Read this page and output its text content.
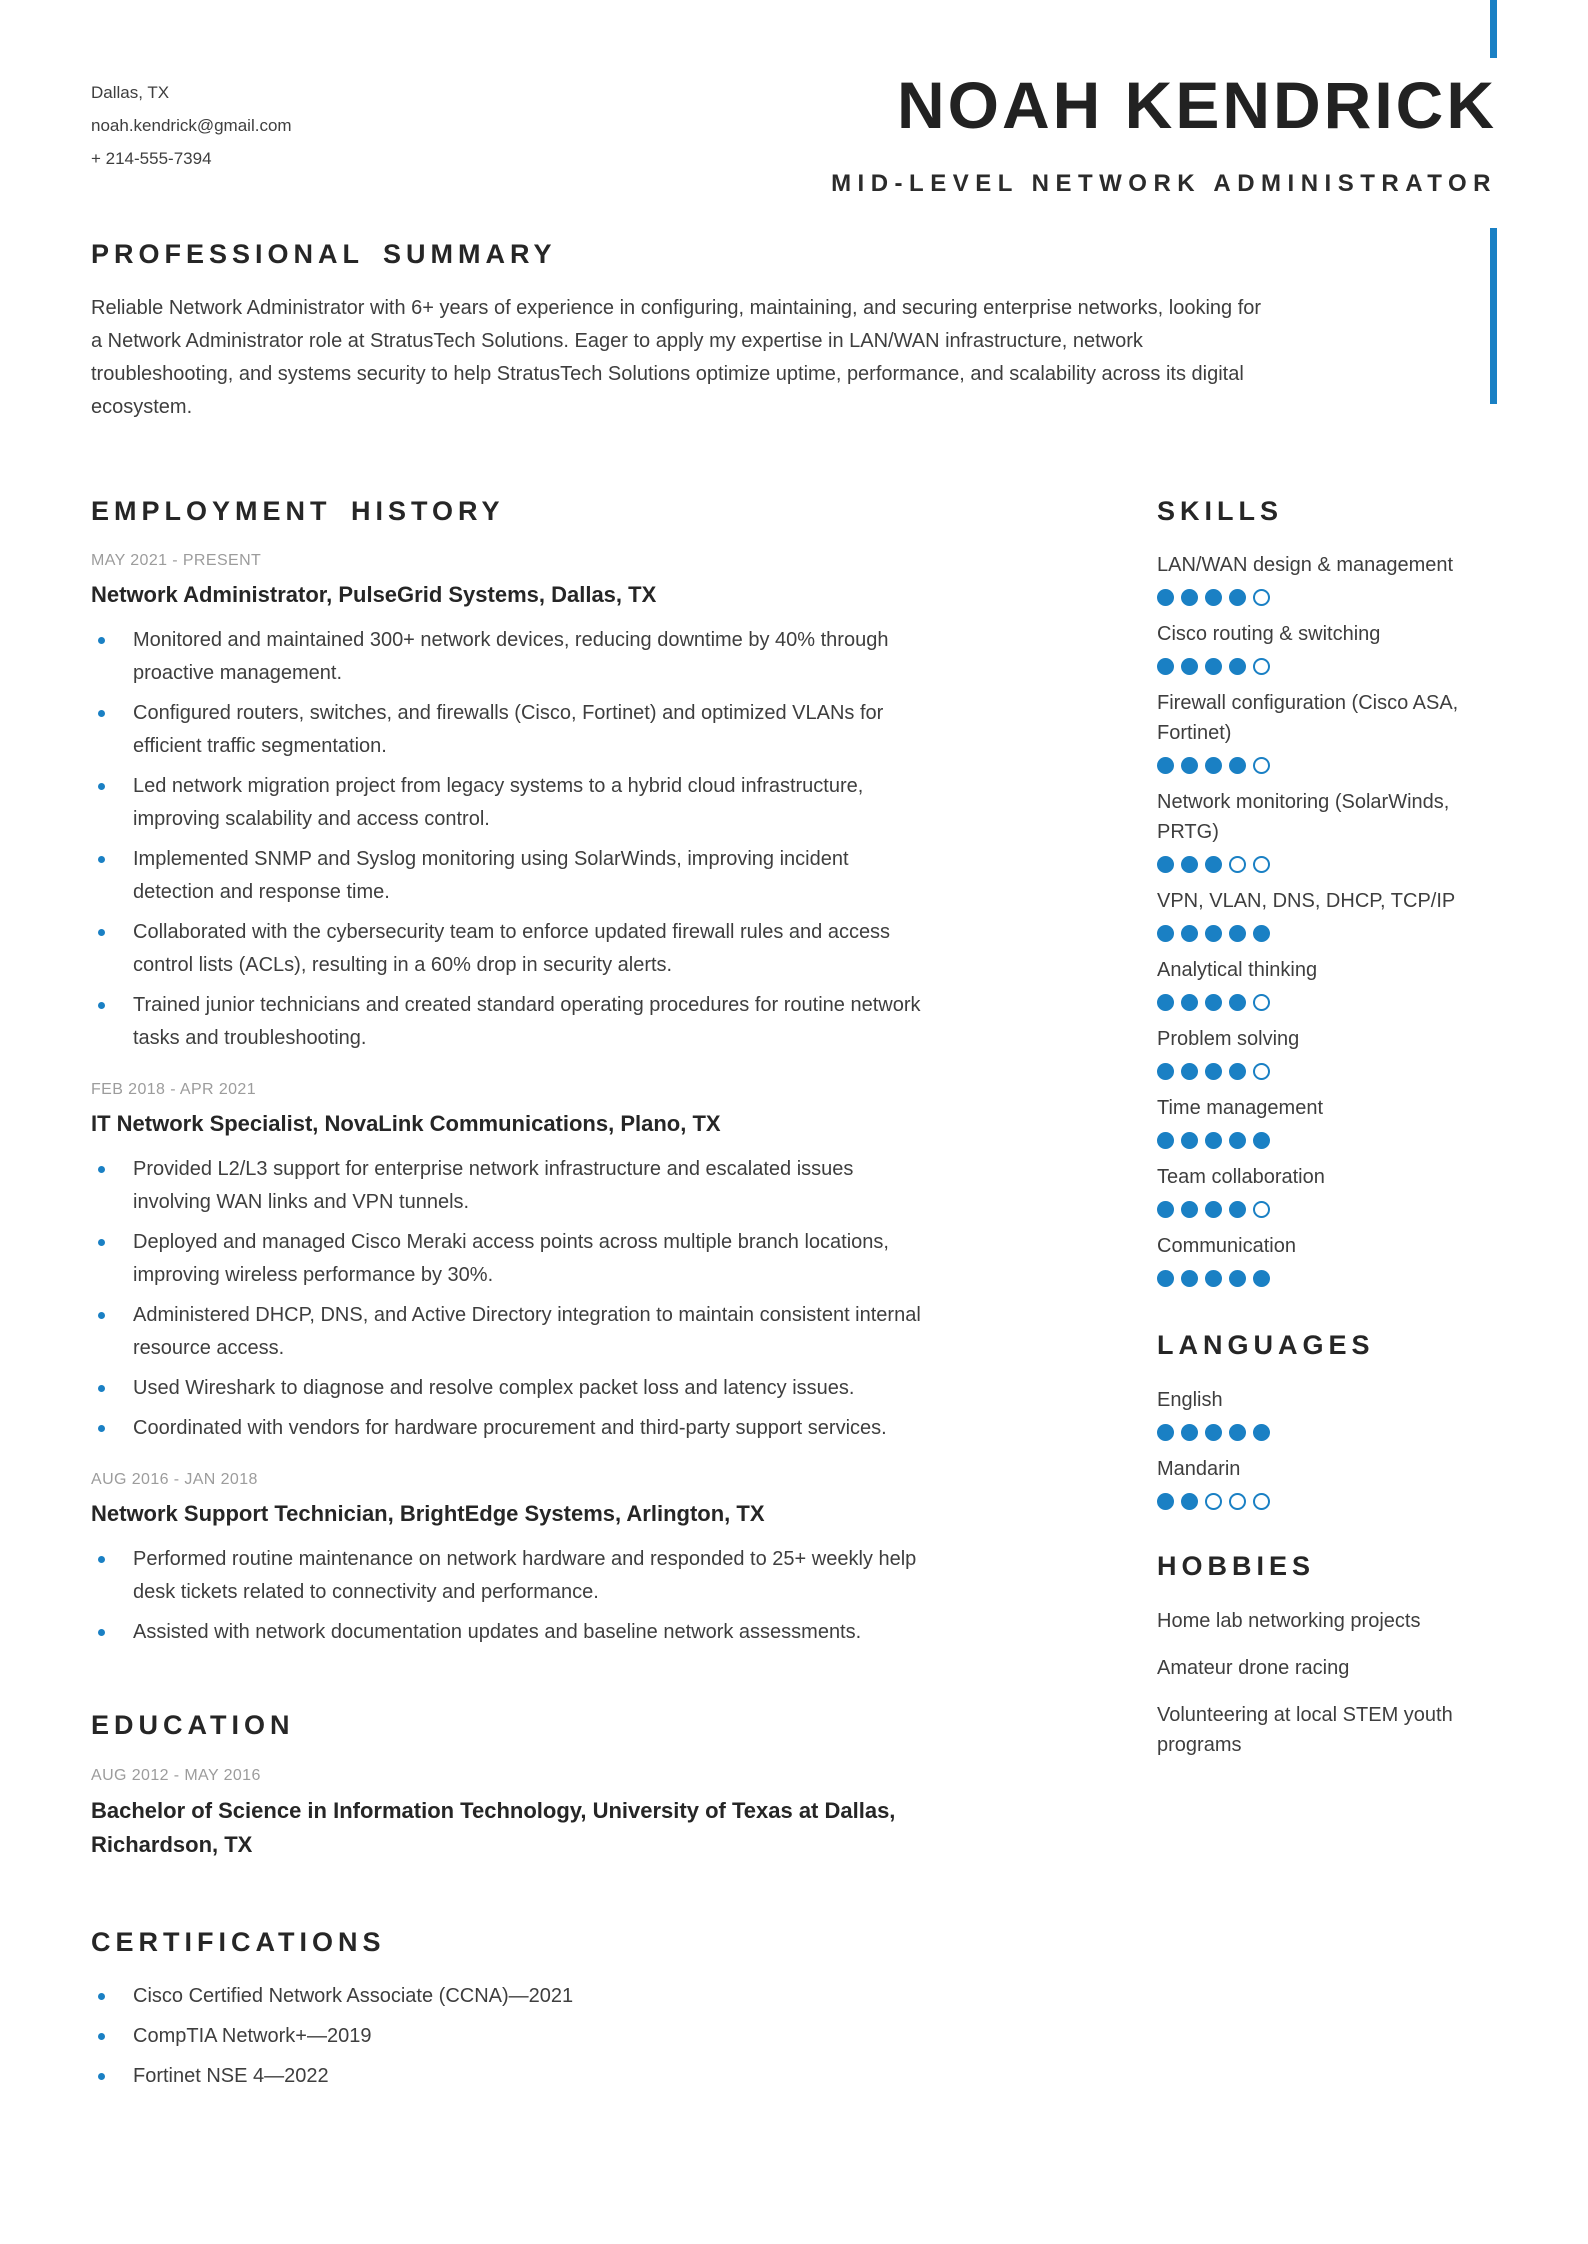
Dallas, TX
noah.kendrick@gmail.com
+ 214-555-7394
NOAH KENDRICK
MID-LEVEL NETWORK ADMINISTRATOR
PROFESSIONAL SUMMARY

Reliable Network Administrator with 6+ years of experience in configuring, maintaining, and securing enterprise networks, looking for a Network Administrator role at StratusTech Solutions. Eager to apply my expertise in LAN/WAN infrastructure, network troubleshooting, and systems security to help StratusTech Solutions optimize uptime, performance, and scalability across its digital ecosystem.

EMPLOYMENT HISTORY
MAY 2021 - PRESENT
Network Administrator, PulseGrid Systems, Dallas, TX
Monitored and maintained 300+ network devices, reducing downtime by 40% through proactive management.
Configured routers, switches, and firewalls (Cisco, Fortinet) and optimized VLANs for efficient traffic segmentation.
Led network migration project from legacy systems to a hybrid cloud infrastructure, improving scalability and access control.
Implemented SNMP and Syslog monitoring using SolarWinds, improving incident detection and response time.
Collaborated with the cybersecurity team to enforce updated firewall rules and access control lists (ACLs), resulting in a 60% drop in security alerts.
Trained junior technicians and created standard operating procedures for routine network tasks and troubleshooting.
FEB 2018 - APR 2021
IT Network Specialist, NovaLink Communications, Plano, TX
Provided L2/L3 support for enterprise network infrastructure and escalated issues involving WAN links and VPN tunnels.
Deployed and managed Cisco Meraki access points across multiple branch locations, improving wireless performance by 30%.
Administered DHCP, DNS, and Active Directory integration to maintain consistent internal resource access.
Used Wireshark to diagnose and resolve complex packet loss and latency issues.
Coordinated with vendors for hardware procurement and third-party support services.
AUG 2016 - JAN 2018
Network Support Technician, BrightEdge Systems, Arlington, TX
Performed routine maintenance on network hardware and responded to 25+ weekly help desk tickets related to connectivity and performance.
Assisted with network documentation updates and baseline network assessments.
EDUCATION
AUG 2012 - MAY 2016
Bachelor of Science in Information Technology, University of Texas at Dallas, Richardson, TX
CERTIFICATIONS
Cisco Certified Network Associate (CCNA)—2021
CompTIA Network+—2019
Fortinet NSE 4—2022
SKILLS
LAN/WAN design & management
Cisco routing & switching
Firewall configuration (Cisco ASA, Fortinet)
Network monitoring (SolarWinds, PRTG)
VPN, VLAN, DNS, DHCP, TCP/IP
Analytical thinking
Problem solving
Time management
Team collaboration
Communication
LANGUAGES
English
Mandarin
HOBBIES

Home lab networking projects

Amateur drone racing

Volunteering at local STEM youth programs
